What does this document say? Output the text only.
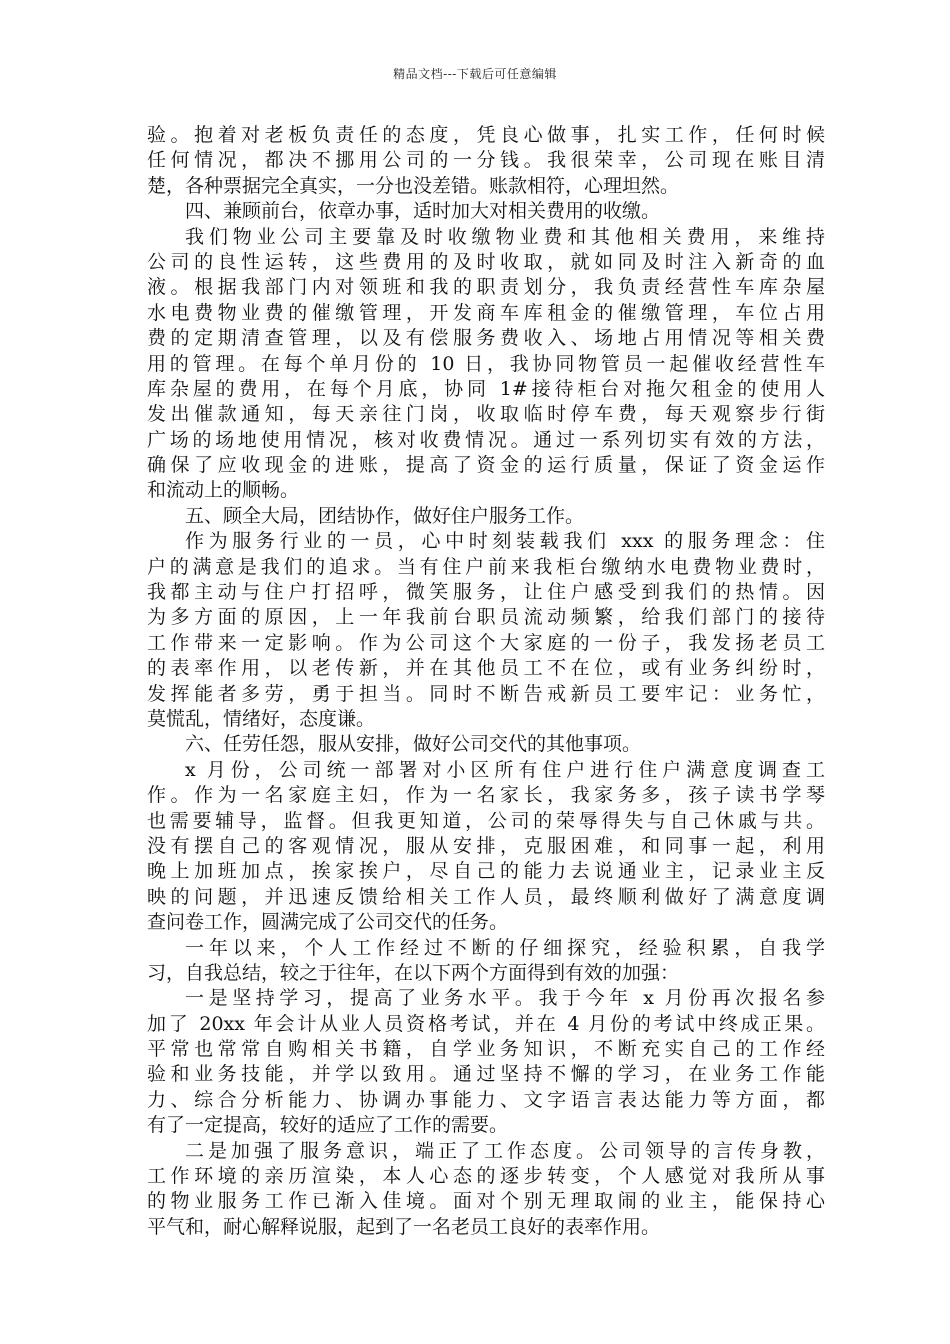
精品文档---下载后可任意编辑
验。抱着对老板负责任的态度，凭良心做事，扎实工作，任何时候
任何情况，都决不挪用公司的一分钱。我很荣幸，公司现在账目清
楚，各种票据完全真实，一分也没差错。账款相符，心理坦然。
四、兼顾前台，依章办事，适时加大对相关费用的收缴。
我们物业公司主要靠及时收缴物业费和其他相关费用，来维持
公司的良性运转，这些费用的及时收取，就如同及时注入新奇的血
液。根据我部门内对领班和我的职责划分，我负责经营性车库杂屋
水电费物业费的催缴管理，开发商车库租金的催缴管理，车位占用
费的定期清查管理，以及有偿服务费收入、场地占用情况等相关费
用的管理。在每个单月份的 10 日，我协同物管员一起催收经营性车
库杂屋的费用，在每个月底，协同 1#接待柜台对拖欠租金的使用人
发出催款通知，每天亲往门岗，收取临时停车费，每天观察步行街
广场的场地使用情况，核对收费情况。通过一系列切实有效的方法，
确保了应收现金的进账，提高了资金的运行质量，保证了资金运作
和流动上的顺畅。
五、顾全大局，团结协作，做好住户服务工作。
作为服务行业的一员，心中时刻装载我们 xxx 的服务理念：住
户的满意是我们的追求。当有住户前来我柜台缴纳水电费物业费时，
我都主动与住户打招呼，微笑服务，让住户感受到我们的热情。因
为多方面的原因，上一年我前台职员流动频繁，给我们部门的接待
工作带来一定影响。作为公司这个大家庭的一份子，我发扬老员工
的表率作用，以老传新，并在其他员工不在位，或有业务纠纷时，
发挥能者多劳，勇于担当。同时不断告戒新员工要牢记：业务忙，
莫慌乱，情绪好，态度谦。
六、任劳任怨，服从安排，做好公司交代的其他事项。
x 月份，公司统一部署对小区所有住户进行住户满意度调查工
作。作为一名家庭主妇，作为一名家长，我家务多，孩子读书学琴
也需要辅导，监督。但我更知道，公司的荣辱得失与自己休戚与共。
没有摆自己的客观情况，服从安排，克服困难，和同事一起，利用
晚上加班加点，挨家挨户，尽自己的能力去说通业主，记录业主反
映的问题，并迅速反馈给相关工作人员，最终顺利做好了满意度调
查问卷工作，圆满完成了公司交代的任务。
一年以来，个人工作经过不断的仔细探究，经验积累，自我学
习，自我总结，较之于往年，在以下两个方面得到有效的加强：
一是坚持学习，提高了业务水平。我于今年 x 月份再次报名参
加了 20xx 年会计从业人员资格考试，并在 4 月份的考试中终成正果。
平常也常常自购相关书籍，自学业务知识，不断充实自己的工作经
验和业务技能，并学以致用。通过坚持不懈的学习，在业务工作能
力、综合分析能力、协调办事能力、文字语言表达能力等方面，都
有了一定提高，较好的适应了工作的需要。
二是加强了服务意识，端正了工作态度。公司领导的言传身教，
工作环境的亲历渲染，本人心态的逐步转变，个人感觉对我所从事
的物业服务工作已渐入佳境。面对个别无理取闹的业主，能保持心
平气和，耐心解释说服，起到了一名老员工良好的表率作用。
